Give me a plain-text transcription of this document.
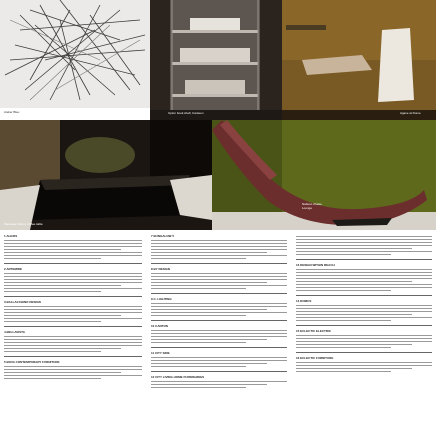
Atelier Bleu	Upton book shelf, Canteen	Agave at Dome
Macassar Ebony coffee table
Nabuco chaise
Lounge
1 ALEXIS
2 ARTEMIDE
3 BALLACCHINO DESIGN
4 BELLAVISTA
5 BOVA CONTEMPORARY FURNITURE
7 BUNGALOW 5
8 BY DESIGN
9 C. LIGHTING
10 CANTON
11 CITY SIDE
12 CITY LIVING HOME FURNISHINGS
13 DESIGN WITHIN REACH
14 DOMUS
15 ECLECTIC ELECTRIC
16 ECLECTIC FURNITURE
